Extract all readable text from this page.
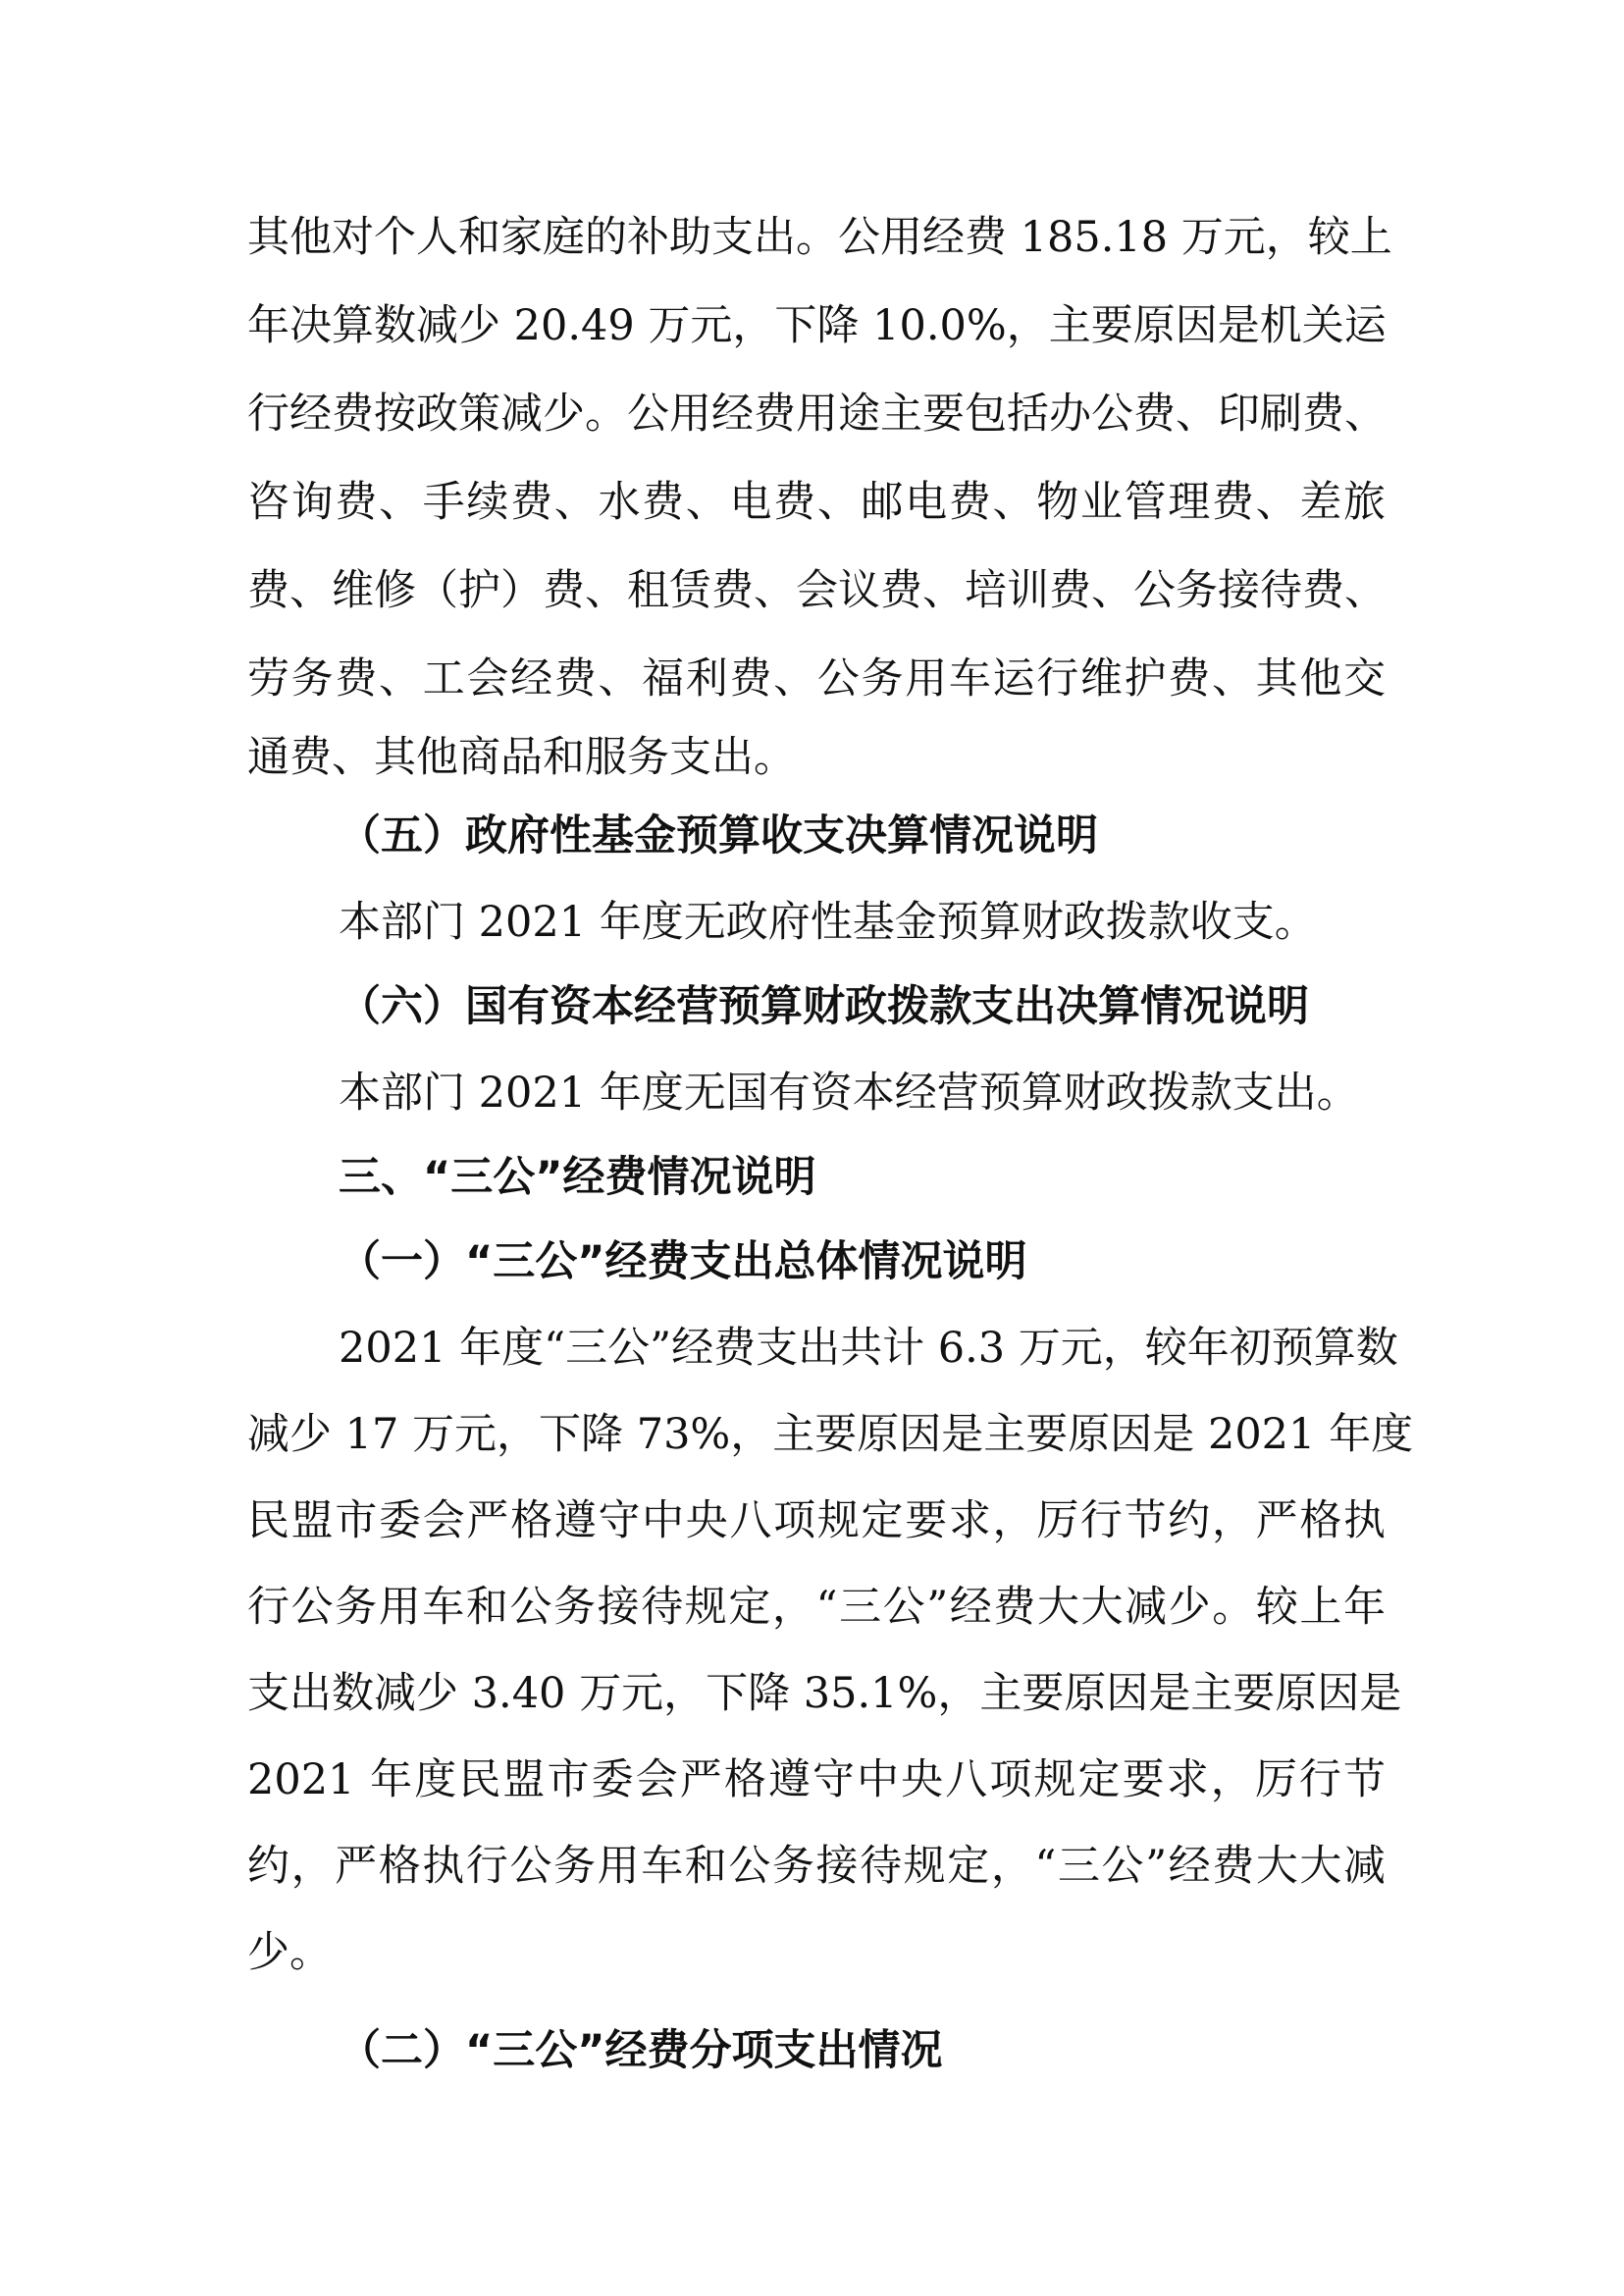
其他对个人和家庭的补助支出。公用经费 185.18 万元，较上
年决算数减少 20.49 万元，下降 10.0%，主要原因是机关运
行经费按政策减少。公用经费用途主要包括办公费、印刷费、
咨询费、手续费、水费、电费、邮电费、物业管理费、差旅
费、维修（护）费、租赁费、会议费、培训费、公务接待费、
劳务费、工会经费、福利费、公务用车运行维护费、其他交
通费、其他商品和服务支出。
（五）政府性基金预算收支决算情况说明
本部门 2021 年度无政府性基金预算财政拨款收支。
（六）国有资本经营预算财政拨款支出决算情况说明
本部门 2021 年度无国有资本经营预算财政拨款支出。
三、“三公”经费情况说明
（一）“三公”经费支出总体情况说明
2021 年度“三公”经费支出共计 6.3 万元，较年初预算数
减少 17 万元，下降 73%，主要原因是主要原因是 2021 年度
民盟市委会严格遵守中央八项规定要求，厉行节约，严格执
行公务用车和公务接待规定，“三公”经费大大减少。较上年
支出数减少 3.40 万元，下降 35.1%，主要原因是主要原因是
2021 年度民盟市委会严格遵守中央八项规定要求，厉行节
约，严格执行公务用车和公务接待规定，“三公”经费大大减
少。
（二）“三公”经费分项支出情况
